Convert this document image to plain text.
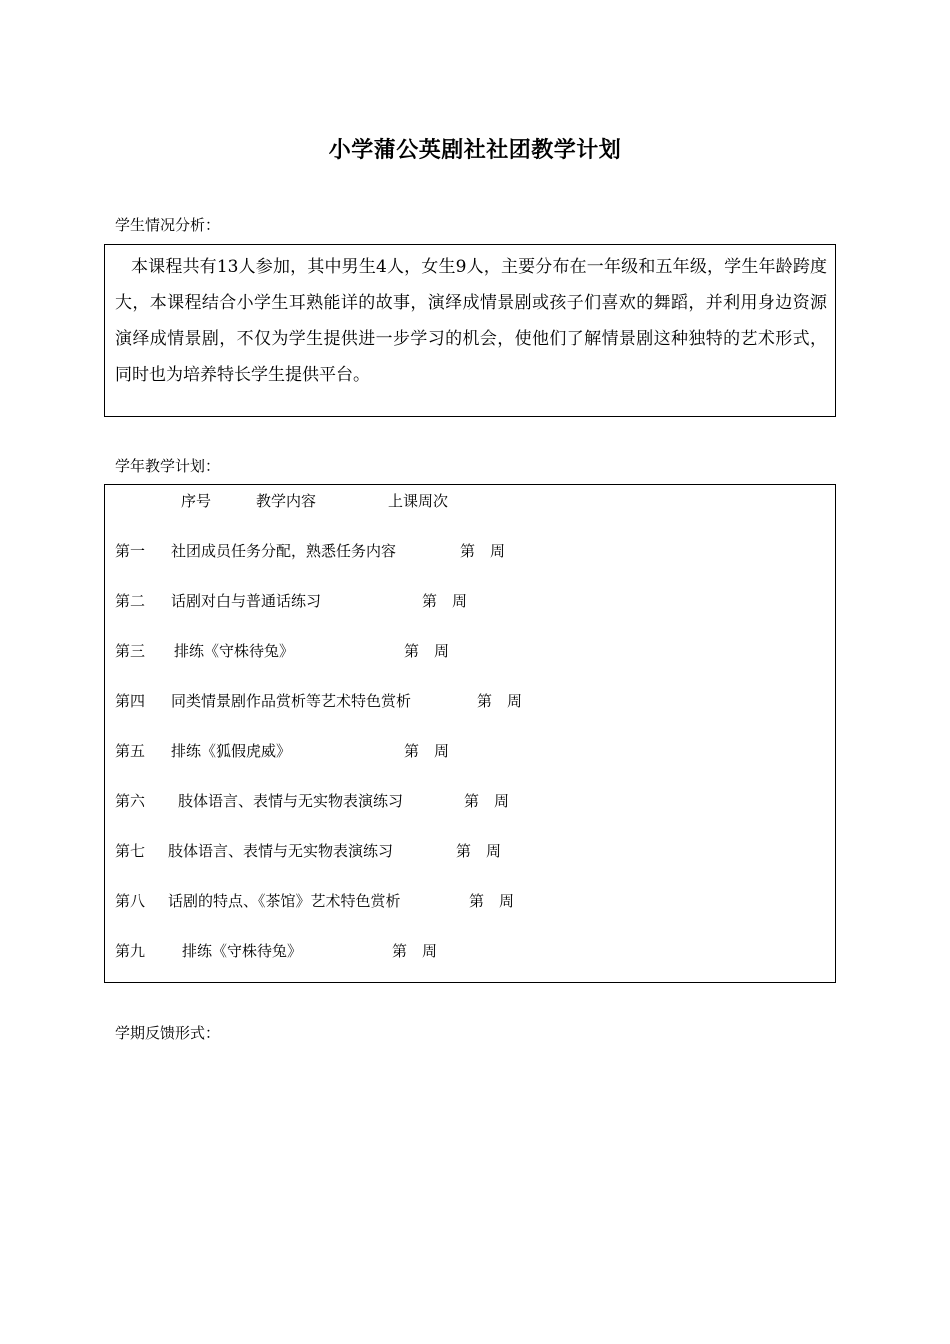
小学蒲公英剧社社团教学计划
学生情况分析：
本课程共有13人参加，其中男生4人，女生9人，主要分布在一年级和五年级，学生年龄跨度大，本课程结合小学生耳熟能详的故事，演绎成情景剧或孩子们喜欢的舞蹈，并利用身边资源演绎成情景剧，不仅为学生提供进一步学习的机会，使他们了解情景剧这种独特的艺术形式，同时也为培养特长学生提供平台。
学年教学计划：
序号	教学内容	上课周次
第一 社团成员任务分配，熟悉任务内容	第　周
第二 话剧对白与普通话练习	第　周
第三 排练《守株待兔》	第　周
第四 同类情景剧作品赏析等艺术特色赏析	第　周
第五 排练《狐假虎威》	第　周
第六 肢体语言、表情与无实物表演练习	第　周
第七 肢体语言、表情与无实物表演练习	第　周
第八 话剧的特点、《茶馆》艺术特色赏析	第　周
第九 排练《守株待兔》	第　周
学期反馈形式：
